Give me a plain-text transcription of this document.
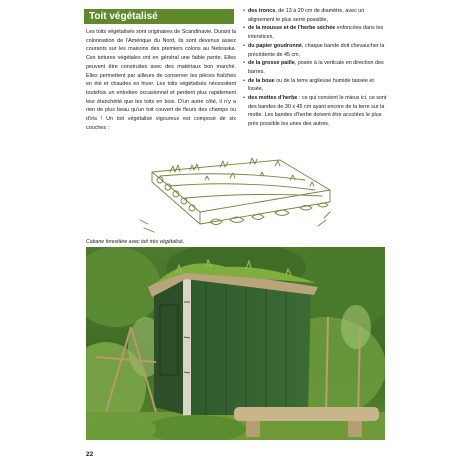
Toit végétalisé

Les toits végétalisés sont originaires de Scandinavie. Durant la colonisation de l’Amérique du Nord, ils sont devenus assez courants sur les maisons des premiers colons au Nebraska. Ces toitures végétales ont en général une faible pente. Elles peuvent être construites avec des matériaux bon marché. Elles permettent par ailleurs de conserver les pièces fraîches en été et chaudes en hiver. Les toits végétalisés nécessitent toutefois un entretien occasionnel et perdent plus rapidement leur étanchéité que les toits en bois. D’un autre côté, il n’y a rien de plus beau qu’un toit couvert de fleurs des champs ou d’iris ! Un toit végétalisé vigoureux est composé de six couches :

• des troncs, de 13 à 20 cm de diamètre, avec un alignement le plus serré possible,
• de la mousse et de l’herbe séchée enfoncées dans les interstices,
• du papier goudronné, chaque bande doit chevaucher la précédente de 45 cm,
• de la grosse paille, posée à la verticale en direction des barres,
• de la boue ou de la terre argileuse humide tassée et lissée,
• des mottes d’herbe : ce qui convient le mieux ici, ce sont des bandes de 30 x 45 cm ayant encore de la terre sur la motte. Les bandes d’herbe doivent être accolées le plus près possible les unes des autres.
Cabane forestière avec toit très végétalisé.
22
